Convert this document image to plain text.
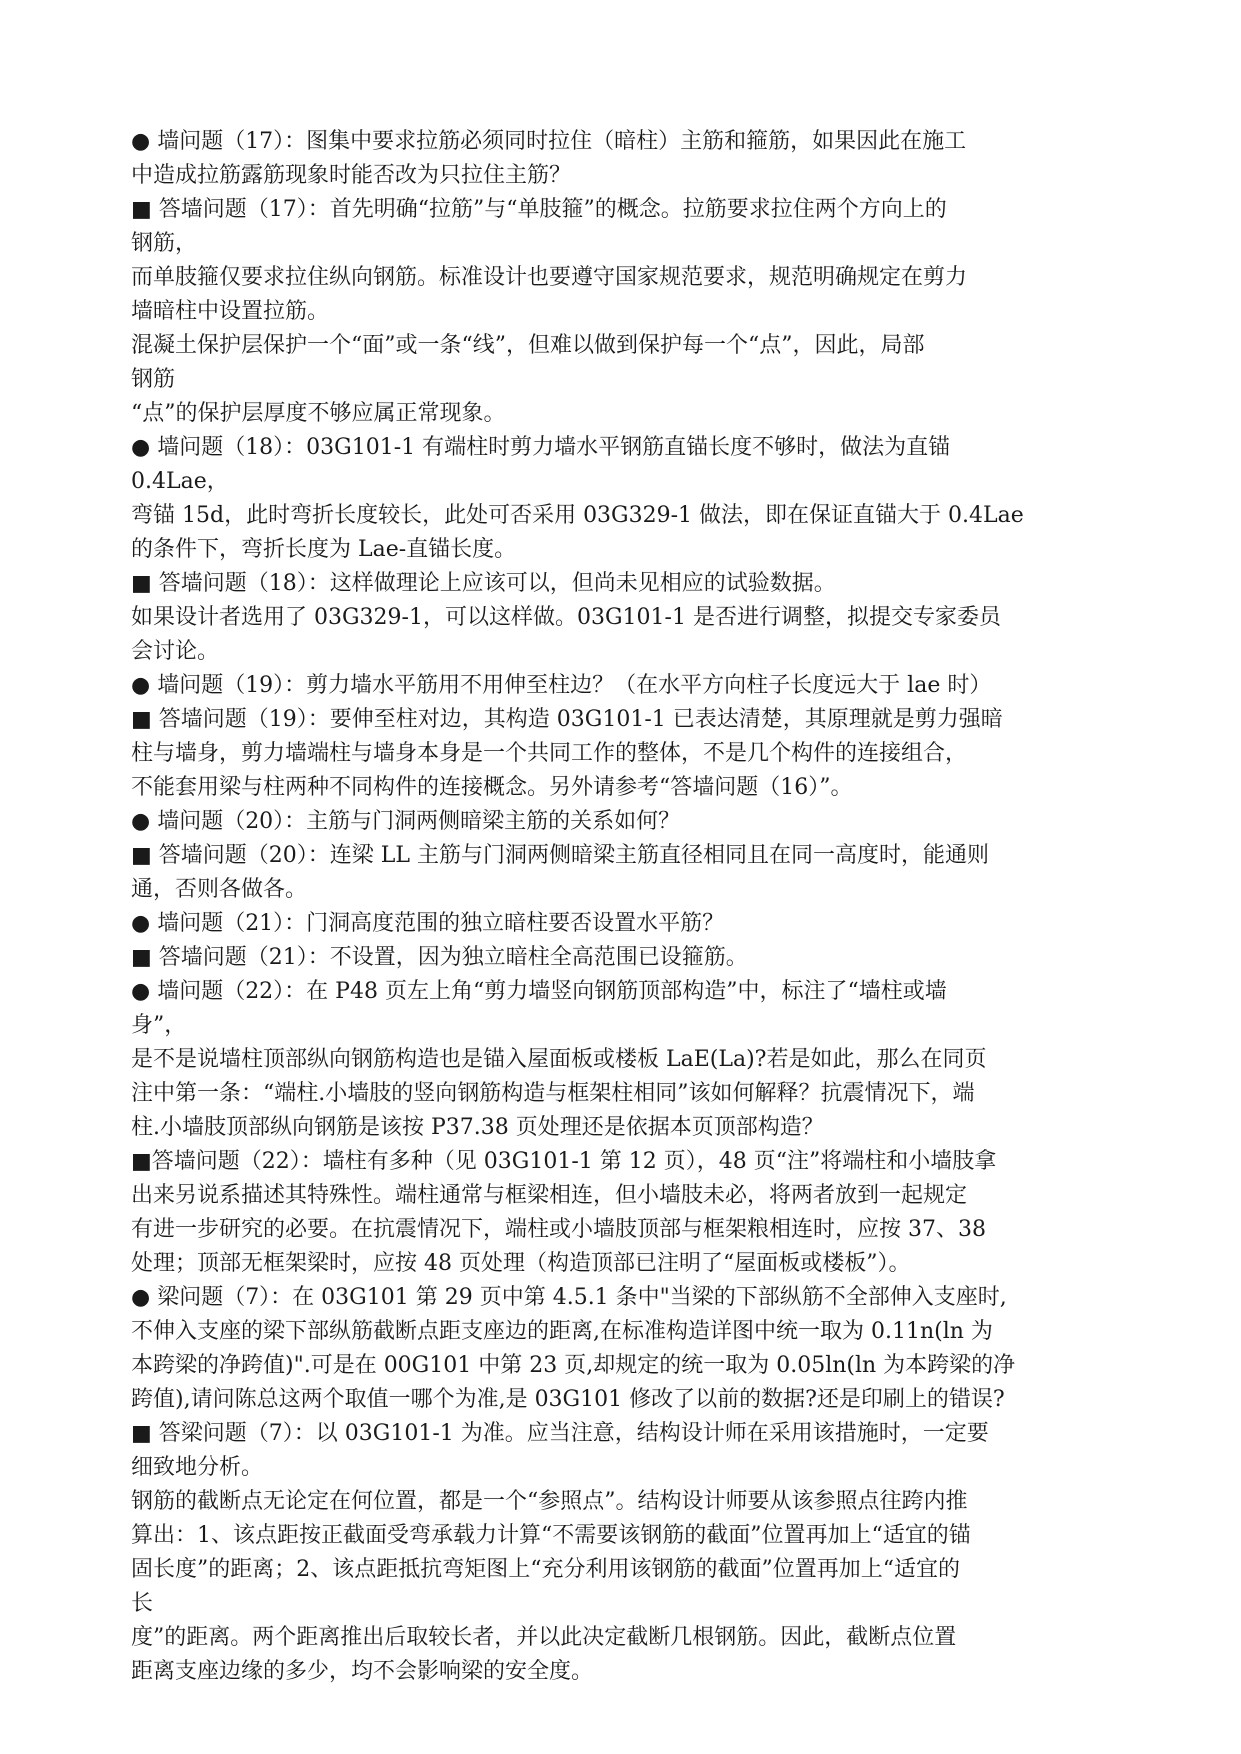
● 墙问题（17）：图集中要求拉筋必须同时拉住（暗柱）主筋和箍筋，如果因此在施工
中造成拉筋露筋现象时能否改为只拉住主筋？
■ 答墙问题（17）：首先明确“拉筋”与“单肢箍”的概念。拉筋要求拉住两个方向上的
钢筋，
而单肢箍仅要求拉住纵向钢筋。标准设计也要遵守国家规范要求，规范明确规定在剪力
墙暗柱中设置拉筋。
混凝土保护层保护一个“面”或一条“线”，但难以做到保护每一个“点”，因此，局部
钢筋
“点”的保护层厚度不够应属正常现象。
● 墙问题（18）：03G101-1 有端柱时剪力墙水平钢筋直锚长度不够时，做法为直锚
0.4Lae，
弯锚 15d，此时弯折长度较长，此处可否采用 03G329-1 做法，即在保证直锚大于 0.4Lae
的条件下，弯折长度为 Lae-直锚长度。
■ 答墙问题（18）：这样做理论上应该可以，但尚未见相应的试验数据。
如果设计者选用了 03G329-1，可以这样做。03G101-1 是否进行调整，拟提交专家委员
会讨论。
● 墙问题（19）：剪力墙水平筋用不用伸至柱边？（在水平方向柱子长度远大于 lae 时）
■ 答墙问题（19）：要伸至柱对边，其构造 03G101-1 已表达清楚，其原理就是剪力强暗
柱与墙身，剪力墙端柱与墙身本身是一个共同工作的整体，不是几个构件的连接组合，
不能套用梁与柱两种不同构件的连接概念。另外请参考“答墙问题（16）”。
● 墙问题（20）：主筋与门洞两侧暗梁主筋的关系如何？
■ 答墙问题（20）：连梁 LL 主筋与门洞两侧暗梁主筋直径相同且在同一高度时，能通则
通，否则各做各。
● 墙问题（21）：门洞高度范围的独立暗柱要否设置水平筋？
■ 答墙问题（21）：不设置，因为独立暗柱全高范围已设箍筋。
● 墙问题（22）：在 P48 页左上角“剪力墙竖向钢筋顶部构造”中，标注了“墙柱或墙
身”，
是不是说墙柱顶部纵向钢筋构造也是锚入屋面板或楼板 LaE(La)?若是如此，那么在同页
注中第一条：“端柱.小墙肢的竖向钢筋构造与框架柱相同”该如何解释？抗震情况下，端
柱.小墙肢顶部纵向钢筋是该按 P37.38 页处理还是依据本页顶部构造？
■答墙问题（22）：墙柱有多种（见 03G101-1 第 12 页），48 页“注”将端柱和小墙肢拿
出来另说系描述其特殊性。端柱通常与框梁相连，但小墙肢未必，将两者放到一起规定
有进一步研究的必要。在抗震情况下，端柱或小墙肢顶部与框架粮相连时，应按 37、38
处理；顶部无框架梁时，应按 48 页处理（构造顶部已注明了“屋面板或楼板”）。
● 梁问题（7）：在 03G101 第 29 页中第 4.5.1 条中"当梁的下部纵筋不全部伸入支座时,
不伸入支座的梁下部纵筋截断点距支座边的距离,在标准构造详图中统一取为 0.11n(ln 为
本跨梁的净跨值)".可是在 00G101 中第 23 页,却规定的统一取为 0.05ln(ln 为本跨梁的净
跨值),请问陈总这两个取值一哪个为准,是 03G101 修改了以前的数据?还是印刷上的错误?
■ 答梁问题（7）：以 03G101-1 为准。应当注意，结构设计师在采用该措施时，一定要
细致地分析。
钢筋的截断点无论定在何位置，都是一个“参照点”。结构设计师要从该参照点往跨内推
算出：1、该点距按正截面受弯承载力计算“不需要该钢筋的截面”位置再加上“适宜的锚
固长度”的距离；2、该点距抵抗弯矩图上“充分利用该钢筋的截面”位置再加上“适宜的
长
度”的距离。两个距离推出后取较长者，并以此决定截断几根钢筋。因此，截断点位置
距离支座边缘的多少，均不会影响梁的安全度。
